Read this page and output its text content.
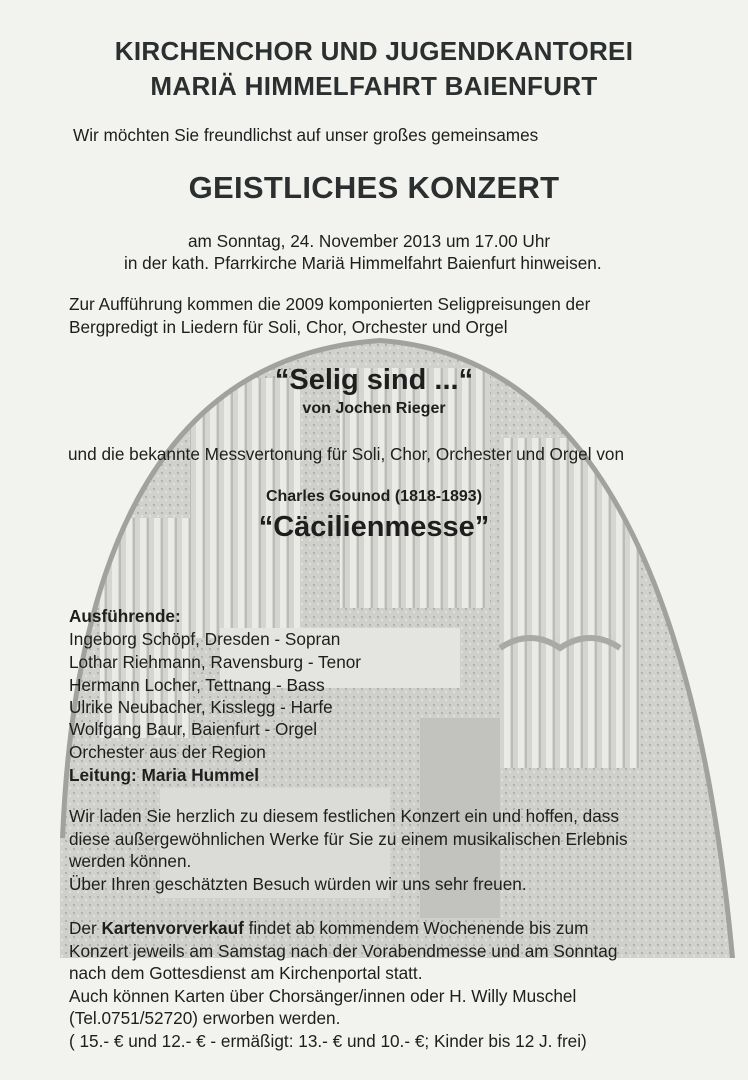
KIRCHENCHOR UND JUGENDKANTOREI
MARIÄ HIMMELFAHRT BAIENFURT
Wir möchten Sie freundlichst auf unser großes gemeinsames
GEISTLICHES KONZERT
am Sonntag, 24. November 2013 um 17.00 Uhr
in der kath. Pfarrkirche Mariä Himmelfahrt Baienfurt hinweisen.
Zur Aufführung kommen die 2009 komponierten Seligpreisungen der
Bergpredigt in Liedern für Soli, Chor, Orchester und Orgel
“Selig sind ...“
von Jochen Rieger
und die bekannte Messvertonung für Soli, Chor, Orchester und Orgel von
Charles Gounod (1818-1893)
“Cäcilienmesse”
Ausführende:
Ingeborg Schöpf, Dresden - Sopran
Lothar Riehmann, Ravensburg - Tenor
Hermann Locher, Tettnang - Bass
Ulrike Neubacher, Kisslegg - Harfe
Wolfgang Baur, Baienfurt - Orgel
Orchester aus der Region
Leitung: Maria Hummel
Wir laden Sie herzlich zu diesem festlichen Konzert ein und hoffen, dass
diese außergewöhnlichen Werke für Sie zu einem musikalischen Erlebnis
werden können.
Über Ihren geschätzten Besuch würden wir uns sehr freuen.
Der Kartenvorverkauf findet ab kommendem Wochenende bis zum
Konzert jeweils am Samstag nach der Vorabendmesse und am Sonntag
nach dem Gottesdienst am Kirchenportal statt.
Auch können Karten über Chorsänger/innen oder H. Willy Muschel
(Tel.0751/52720) erworben werden.
( 15.- € und 12.- € - ermäßigt: 13.- € und 10.- €; Kinder bis 12 J. frei)
